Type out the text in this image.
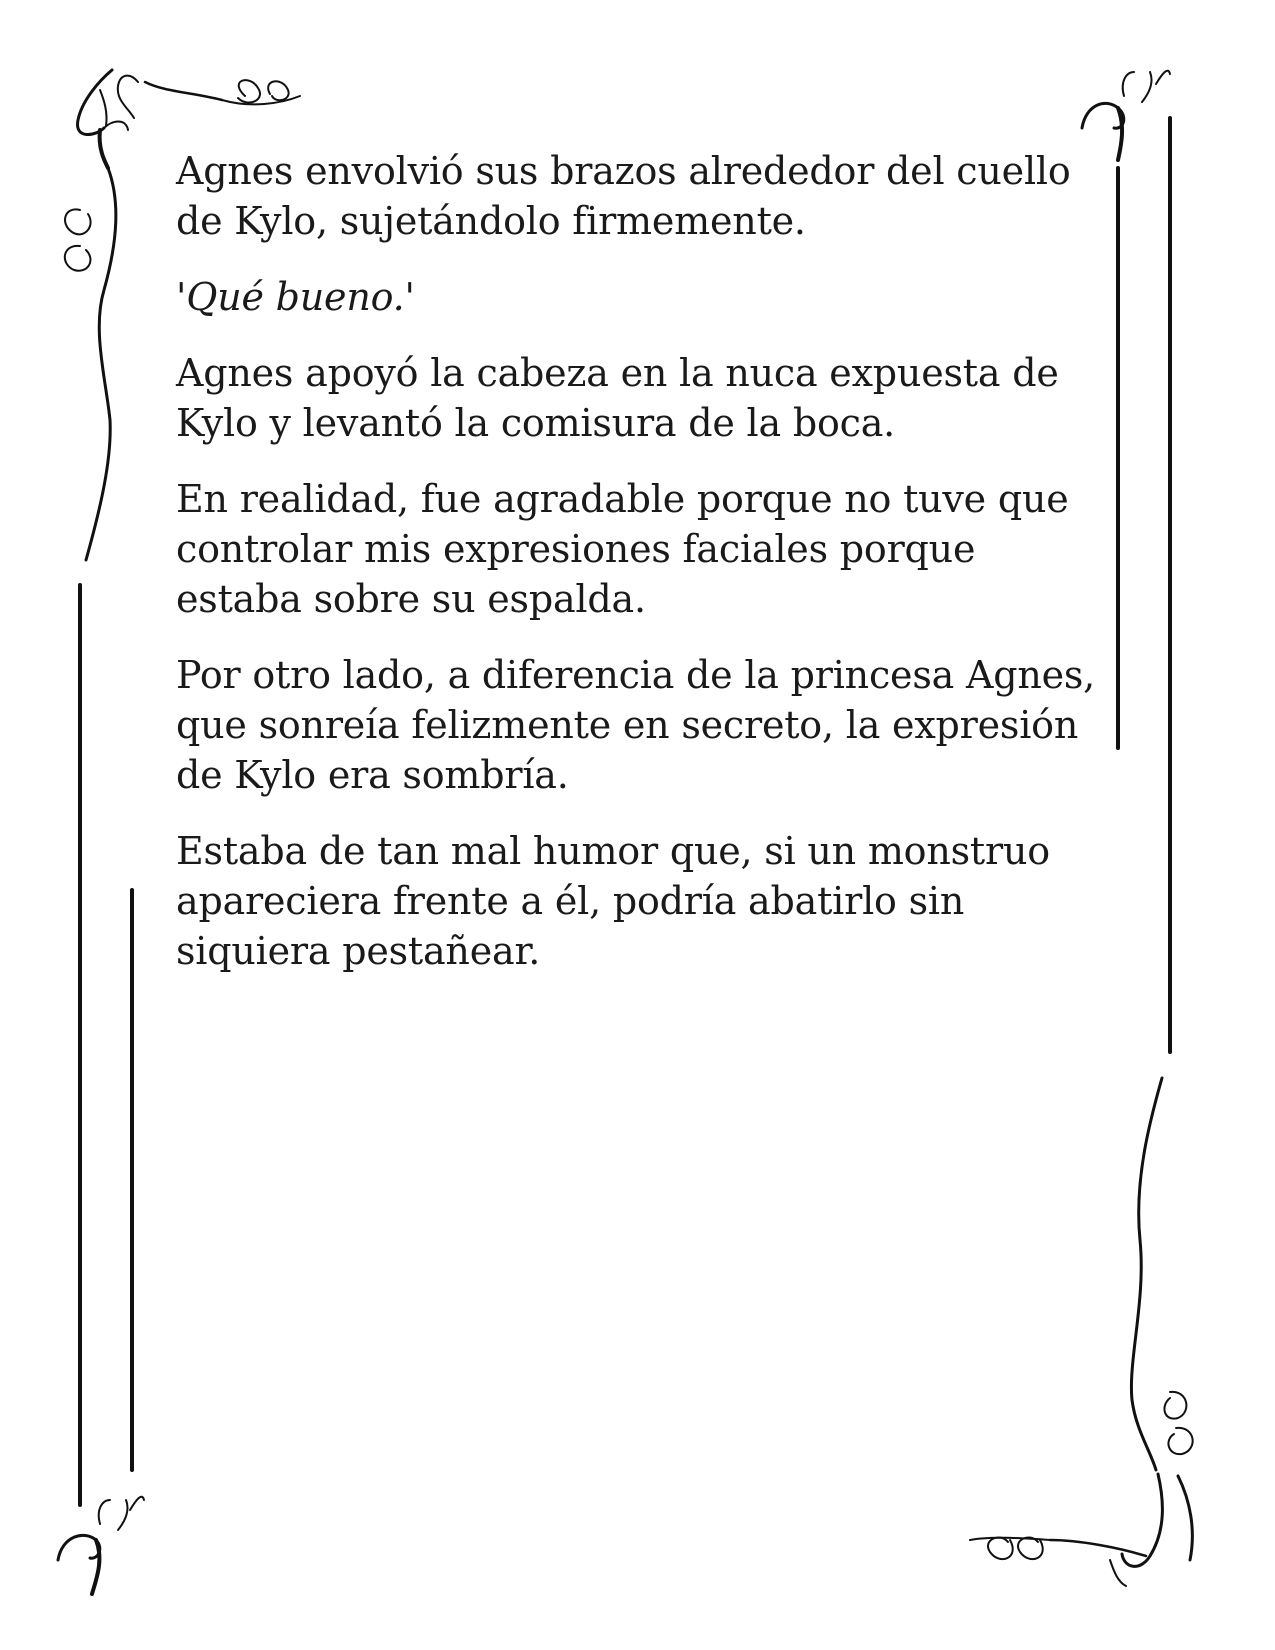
Agnes envolvió sus brazos alrededor del cuello de Kylo, sujetándolo firmemente.

'Qué bueno.'

Agnes apoyó la cabeza en la nuca expuesta de Kylo y levantó la comisura de la boca.

En realidad, fue agradable porque no tuve que controlar mis expresiones faciales porque estaba sobre su espalda.

Por otro lado, a diferencia de la princesa Agnes, que sonreía felizmente en secreto, la expresión de Kylo era sombría.

Estaba de tan mal humor que, si un monstruo apareciera frente a él, podría abatirlo sin siquiera pestañear.
